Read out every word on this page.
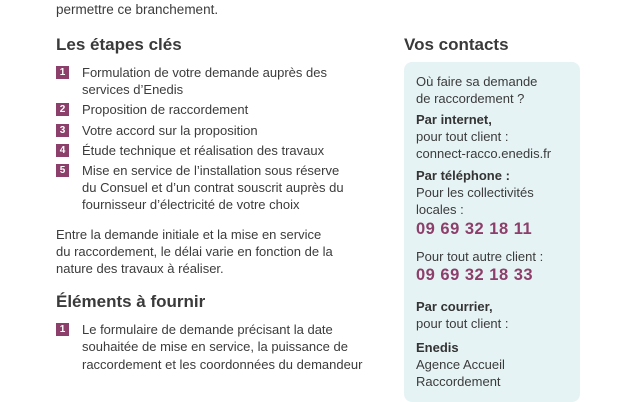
permettre ce branchement.
Les étapes clés
1 Formulation de votre demande auprès des
services d’Enedis
2 Proposition de raccordement
3 Votre accord sur la proposition
4 Étude technique et réalisation des travaux
5 Mise en service de l’installation sous réserve
du Consuel et d’un contrat souscrit auprès du
fournisseur d’électricité de votre choix
Entre la demande initiale et la mise en service
du raccordement, le délai varie en fonction de la
nature des travaux à réaliser.
Éléments à fournir
1 Le formulaire de demande précisant la date
souhaitée de mise en service, la puissance de
raccordement et les coordonnées du demandeur
Vos contacts
Où faire sa demande
de raccordement ?
Par internet,
pour tout client :
connect-racco.enedis.fr
Par téléphone :
Pour les collectivités
locales :
09 69 32 18 11
Pour tout autre client :
09 69 32 18 33
Par courrier,
pour tout client :
Enedis
Agence Accueil
Raccordement
